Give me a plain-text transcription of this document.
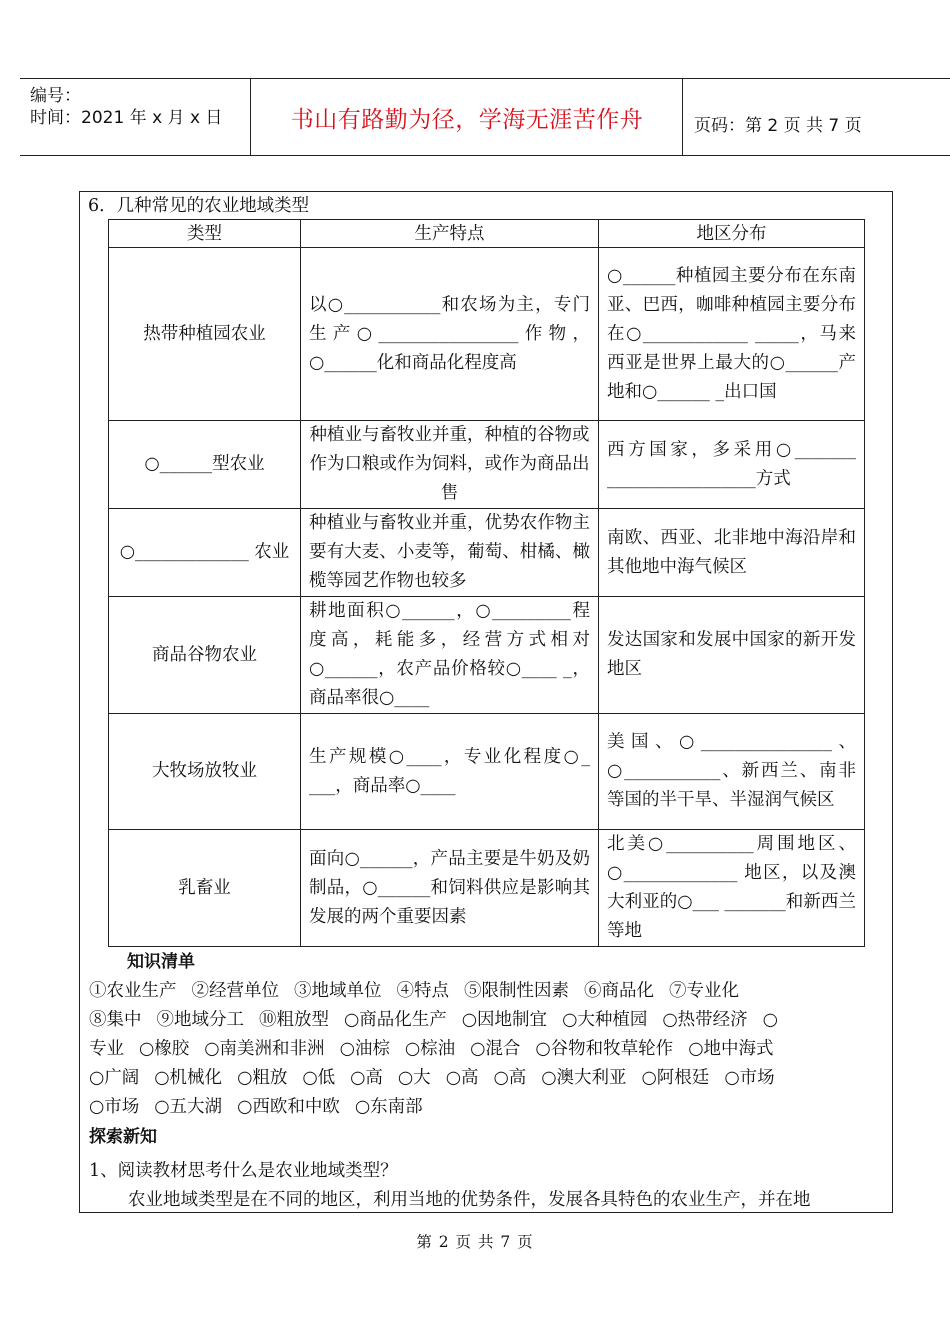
编号：
时间：2021 年 x 月 x 日	书山有路勤为径，学海无涯苦作舟	页码：第 2 页 共 7 页
6．几种常见的农业地域类型
类型	生产特点	地区分布
热带种植园农业	以○___________和农场为主，专门生产○________________作物，○______化和商品化程度高	○______种植园主要分布在东南亚、巴西，咖啡种植园主要分布在○____________ _____，马来西亚是世界上最大的○______产地和○______ _出口国
○______型农业	种植业与畜牧业并重，种植的谷物或作为口粮或作为饲料，或作为商品出售	西方国家，多采用○_______ _________________方式
○_____________ 农业	种植业与畜牧业并重，优势农作物主要有大麦、小麦等，葡萄、柑橘、橄榄等园艺作物也较多	南欧、西亚、北非地中海沿岸和其他地中海气候区
商品谷物农业	耕地面积○______，○_________程度高，耗能多，经营方式相对○______，农产品价格较○____ _，商品率很○____	发达国家和发展中国家的新开发地区
大牧场放牧业	生产规模○____，专业化程度○_ ___，商品率○____	美国、○_______________、○___________、新西兰、南非等国的半干旱、半湿润气候区
乳畜业	面向○______，产品主要是牛奶及奶制品，○______和饲料供应是影响其发展的两个重要因素	北美○__________周围地区、○_____________ 地区，以及澳大利亚的○___ _______和新西兰等地
知识清单
①农业生产 ②经营单位 ③地域单位 ④特点 ⑤限制性因素 ⑥商品化 ⑦专业化
⑧集中 ⑨地域分工 ⑩粗放型 ○商品化生产 ○因地制宜 ○大种植园 ○热带经济 ○
专业 ○橡胶 ○南美洲和非洲 ○油棕 ○棕油 ○混合 ○谷物和牧草轮作 ○地中海式
○广阔 ○机械化 ○粗放 ○低 ○高 ○大 ○高 ○高 ○澳大利亚 ○阿根廷 ○市场
○市场 ○五大湖 ○西欧和中欧 ○东南部
探索新知
1、阅读教材思考什么是农业地域类型？
农业地域类型是在不同的地区，利用当地的优势条件，发展各具特色的农业生产，并在地
第 2 页 共 7 页
